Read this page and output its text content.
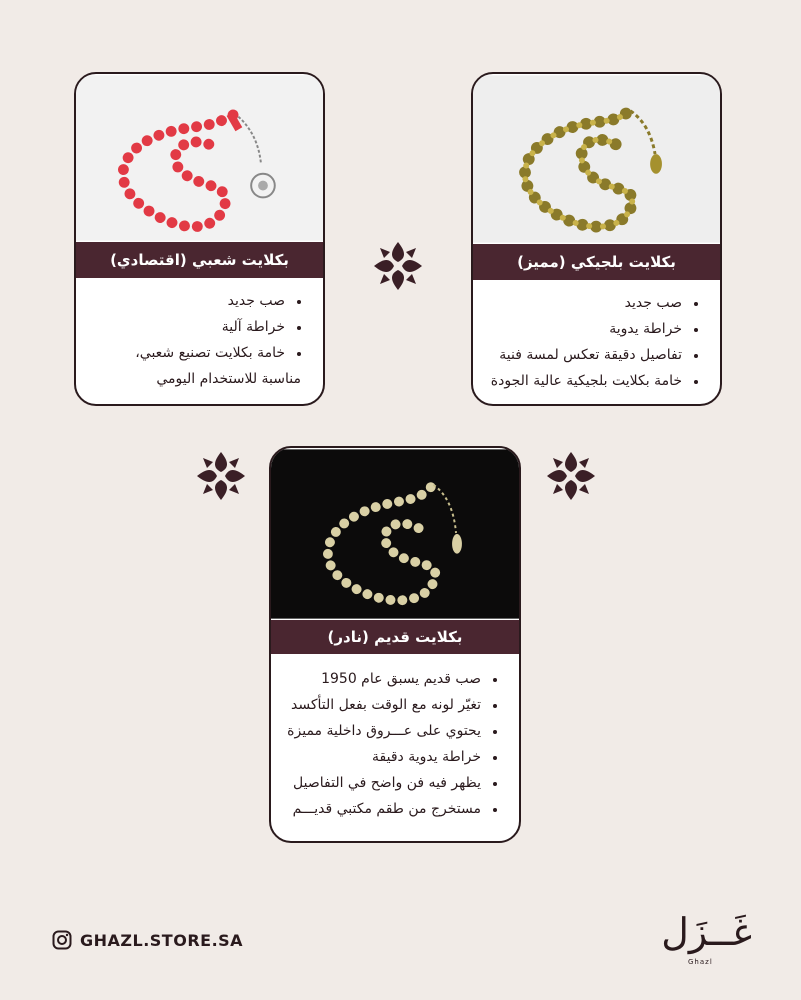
بكلايت شعبي (اقتصادي)
صب جديد
خراطة آلية
خامة بكلايت تصنيع شعبي،
مناسبة للاستخدام اليومي
بكلايت بلجيكي (مميز)
صب جديد
خراطة يدوية
تفاصيل دقيقة تعكس لمسة فنية
خامة بكلايت بلجيكية عالية الجودة
بكلايت قديم (نادر)
صب قديم يسبق عام 1950
تغيّر لونه مع الوقت بفعل التأكسد
يحتوي على عـــروق داخلية مميزة
خراطة يدوية دقيقة
يظهر فيه فن واضح في التفاصيل
مستخرج من طقم مكتبي قديـــم
GHAZL.STORE.SA	غَــزَل
Ghazl
